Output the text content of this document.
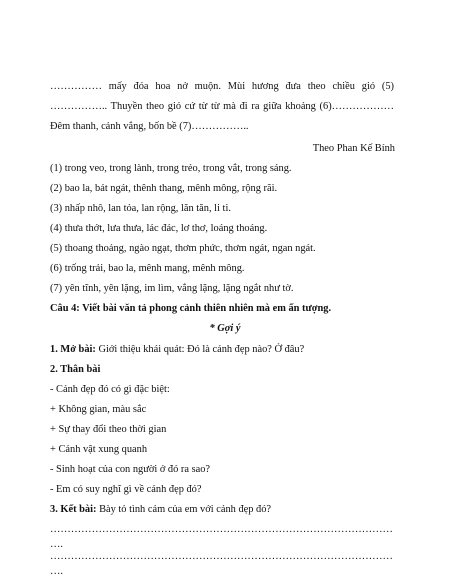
…………… mấy đóa hoa nở muộn. Mùi hương đưa theo chiều gió (5)
…………….. Thuyền theo gió cứ từ từ mà đi ra giữa khoảng (6)………………
Đêm thanh, cảnh vắng, bốn bề (7)……………..
Theo Phan Kế Bính
(1) trong veo, trong lành, trong trẻo, trong vắt, trong sáng.
(2) bao la, bát ngát, thênh thang, mênh mông, rộng rãi.
(3) nhấp nhô, lan tỏa, lan rộng, lăn tăn, li ti.
(4) thưa thớt, lưa thưa, lác đác, lơ thơ, loáng thoáng.
(5) thoang thoảng, ngào ngạt, thơm phức, thơm ngát, ngan ngát.
(6) trống trải, bao la, mênh mang, mênh mông.
(7) yên tĩnh, yên lặng, im lìm, vắng lặng, lặng ngắt như tờ.
Câu 4: Viết bài văn tả phong cảnh thiên nhiên mà em ấn tượng.
* Gợi ý
1. Mở bài: Giới thiệu khái quát: Đó là cảnh đẹp nào? Ở đâu?
2. Thân bài
- Cảnh đẹp đó có gì đặc biệt:
+ Không gian, màu sắc
+ Sự thay đổi theo thời gian
+ Cảnh vật xung quanh
- Sinh hoạt của con người ở đó ra sao?
- Em có suy nghĩ gì về cảnh đẹp đó?
3. Kết bài: Bày tỏ tình cảm của em với cảnh đẹp đó?
………………………………………………………………………………………
….
………………………………………………………………………………………
….
